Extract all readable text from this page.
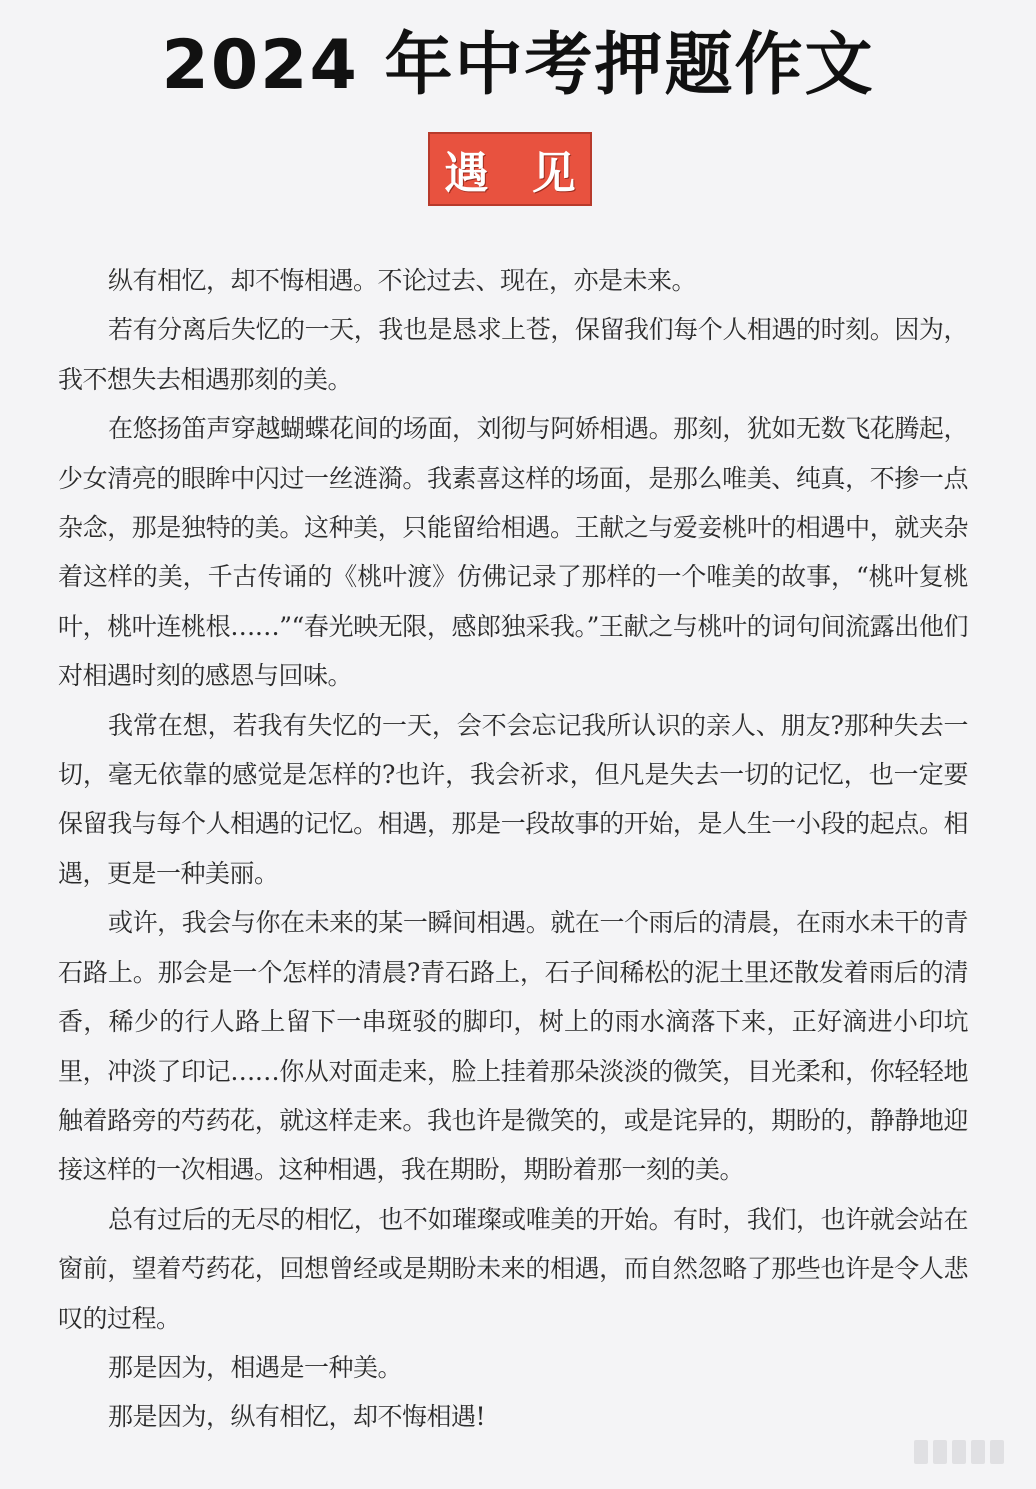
2024 年中考押题作文
遇 见

纵有相忆，却不悔相遇。不论过去、现在，亦是未来。

若有分离后失忆的一天，我也是恳求上苍，保留我们每个人相遇的时刻。因为，我不想失去相遇那刻的美。

在悠扬笛声穿越蝴蝶花间的场面，刘彻与阿娇相遇。那刻，犹如无数飞花腾起，少女清亮的眼眸中闪过一丝涟漪。我素喜这样的场面，是那么唯美、纯真，不掺一点杂念，那是独特的美。这种美，只能留给相遇。王献之与爱妾桃叶的相遇中，就夹杂着这样的美，千古传诵的《桃叶渡》仿佛记录了那样的一个唯美的故事，“桃叶复桃叶，桃叶连桃根……”“春光映无限，感郎独采我。”王献之与桃叶的词句间流露出他们对相遇时刻的感恩与回味。

我常在想，若我有失忆的一天，会不会忘记我所认识的亲人、朋友?那种失去一切，毫无依靠的感觉是怎样的?也许，我会祈求，但凡是失去一切的记忆，也一定要保留我与每个人相遇的记忆。相遇，那是一段故事的开始，是人生一小段的起点。相遇，更是一种美丽。

或许，我会与你在未来的某一瞬间相遇。就在一个雨后的清晨，在雨水未干的青石路上。那会是一个怎样的清晨?青石路上，石子间稀松的泥土里还散发着雨后的清香，稀少的行人路上留下一串斑驳的脚印，树上的雨水滴落下来，正好滴进小印坑里，冲淡了印记……你从对面走来，脸上挂着那朵淡淡的微笑，目光柔和，你轻轻地触着路旁的芍药花，就这样走来。我也许是微笑的，或是诧异的，期盼的，静静地迎接这样的一次相遇。这种相遇，我在期盼，期盼着那一刻的美。

总有过后的无尽的相忆，也不如璀璨或唯美的开始。有时，我们，也许就会站在窗前，望着芍药花，回想曾经或是期盼未来的相遇，而自然忽略了那些也许是令人悲叹的过程。

那是因为，相遇是一种美。

那是因为，纵有相忆，却不悔相遇!
